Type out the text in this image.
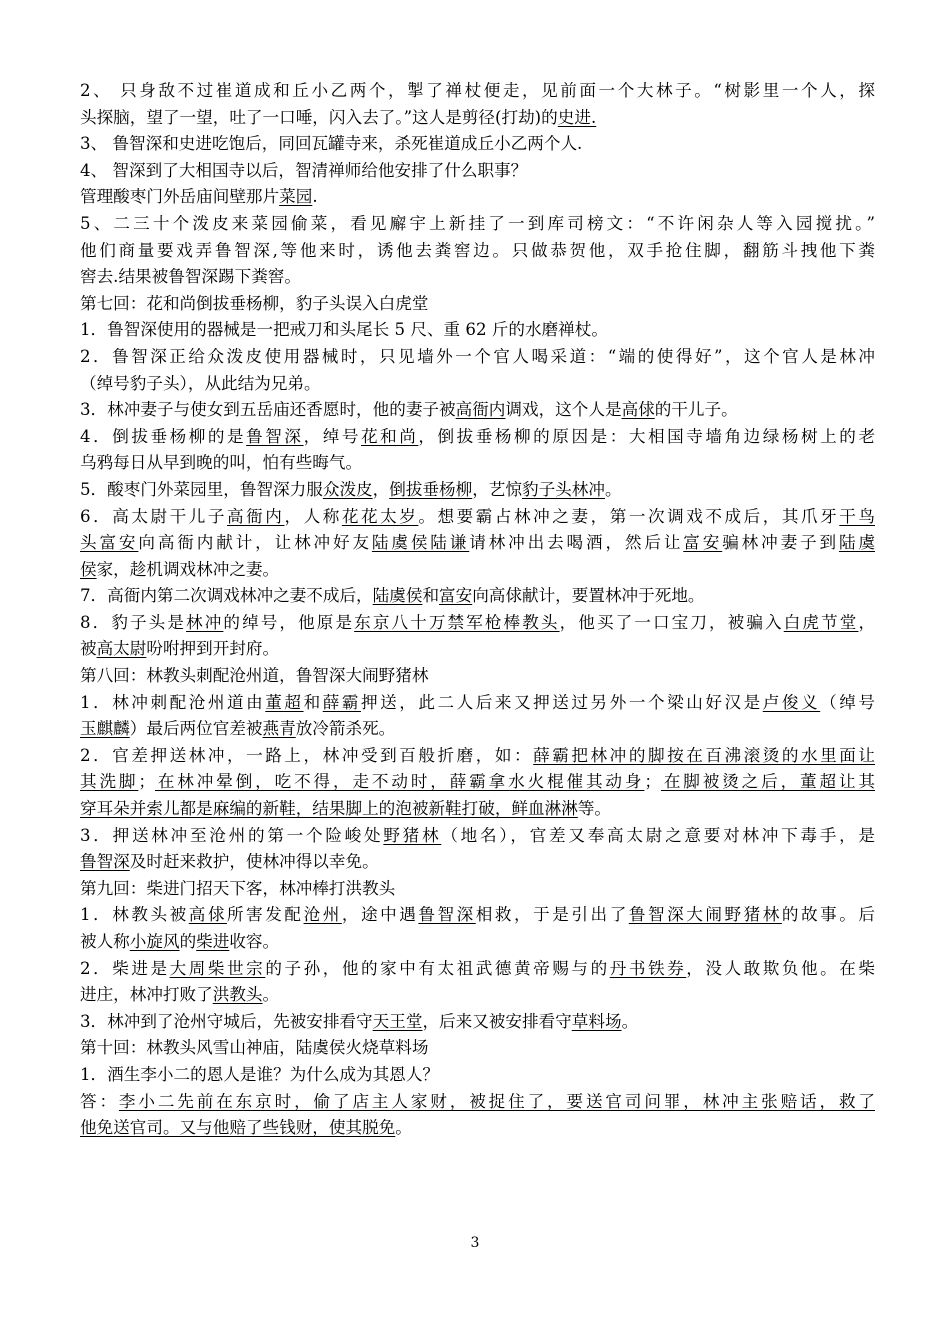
2、 只身敌不过崔道成和丘小乙两个，掣了禅杖便走，见前面一个大林子。“树影里一个人，探
头探脑，望了一望，吐了一口唾，闪入去了。”这人是剪径(打劫)的史进.
3、 鲁智深和史进吃饱后，同回瓦罐寺来，杀死崔道成丘小乙两个人.
4、 智深到了大相国寺以后，智清禅师给他安排了什么职事？
管理酸枣门外岳庙间壁那片菜园.
5、二三十个泼皮来菜园偷菜，看见廨宇上新挂了一到库司榜文：“不许闲杂人等入园搅扰。”
他们商量要戏弄鲁智深,等他来时，诱他去粪窖边。只做恭贺他，双手抢住脚，翻筋斗拽他下粪
窖去.结果被鲁智深踢下粪窖。
第七回：花和尚倒拔垂杨柳，豹子头误入白虎堂
1．鲁智深使用的器械是一把戒刀和头尾长 5 尺、重 62 斤的水磨禅杖。
2．鲁智深正给众泼皮使用器械时，只见墙外一个官人喝采道：“端的使得好”，这个官人是林冲
（绰号豹子头），从此结为兄弟。
3．林冲妻子与使女到五岳庙还香愿时，他的妻子被高衙内调戏，这个人是高俅的干儿子。
4．倒拔垂杨柳的是鲁智深，绰号花和尚，倒拔垂杨柳的原因是：大相国寺墙角边绿杨树上的老
乌鸦每日从早到晚的叫，怕有些晦气。
5．酸枣门外菜园里，鲁智深力服众泼皮，倒拔垂杨柳，艺惊豹子头林冲。
6．高太尉干儿子高衙内，人称花花太岁。想要霸占林冲之妻，第一次调戏不成后，其爪牙干鸟
头富安向高衙内献计，让林冲好友陆虞侯陆谦请林冲出去喝酒，然后让富安骗林冲妻子到陆虞
侯家，趁机调戏林冲之妻。
7．高衙内第二次调戏林冲之妻不成后，陆虞侯和富安向高俅献计，要置林冲于死地。
8．豹子头是林冲的绰号，他原是东京八十万禁军枪棒教头，他买了一口宝刀，被骗入白虎节堂，
被高太尉吩咐押到开封府。
第八回：林教头刺配沧州道，鲁智深大闹野猪林
1．林冲刺配沧州道由董超和薛霸押送，此二人后来又押送过另外一个梁山好汉是卢俊义（绰号
玉麒麟）最后两位官差被燕青放冷箭杀死。
2．官差押送林冲，一路上，林冲受到百般折磨，如：薛霸把林冲的脚按在百沸滚烫的水里面让
其洗脚；在林冲晕倒，吃不得，走不动时，薛霸拿水火棍催其动身；在脚被烫之后，董超让其
穿耳朵并索儿都是麻编的新鞋，结果脚上的泡被新鞋打破，鲜血淋淋等。
3．押送林冲至沧州的第一个险峻处野猪林（地名），官差又奉高太尉之意要对林冲下毒手，是
鲁智深及时赶来救护，使林冲得以幸免。
第九回：柴进门招天下客，林冲棒打洪教头
1．林教头被高俅所害发配沧州，途中遇鲁智深相救，于是引出了鲁智深大闹野猪林的故事。后
被人称小旋风的柴进收容。
2．柴进是大周柴世宗的子孙，他的家中有太祖武德黄帝赐与的丹书铁券，没人敢欺负他。在柴
进庄，林冲打败了洪教头。
3．林冲到了沧州守城后，先被安排看守天王堂，后来又被安排看守草料场。
第十回：林教头风雪山神庙，陆虞侯火烧草料场
1．酒生李小二的恩人是谁？为什么成为其恩人？
答：李小二先前在东京时，偷了店主人家财，被捉住了，要送官司问罪，林冲主张赔话，救了
他免送官司。又与他赔了些钱财，使其脱免。
3
